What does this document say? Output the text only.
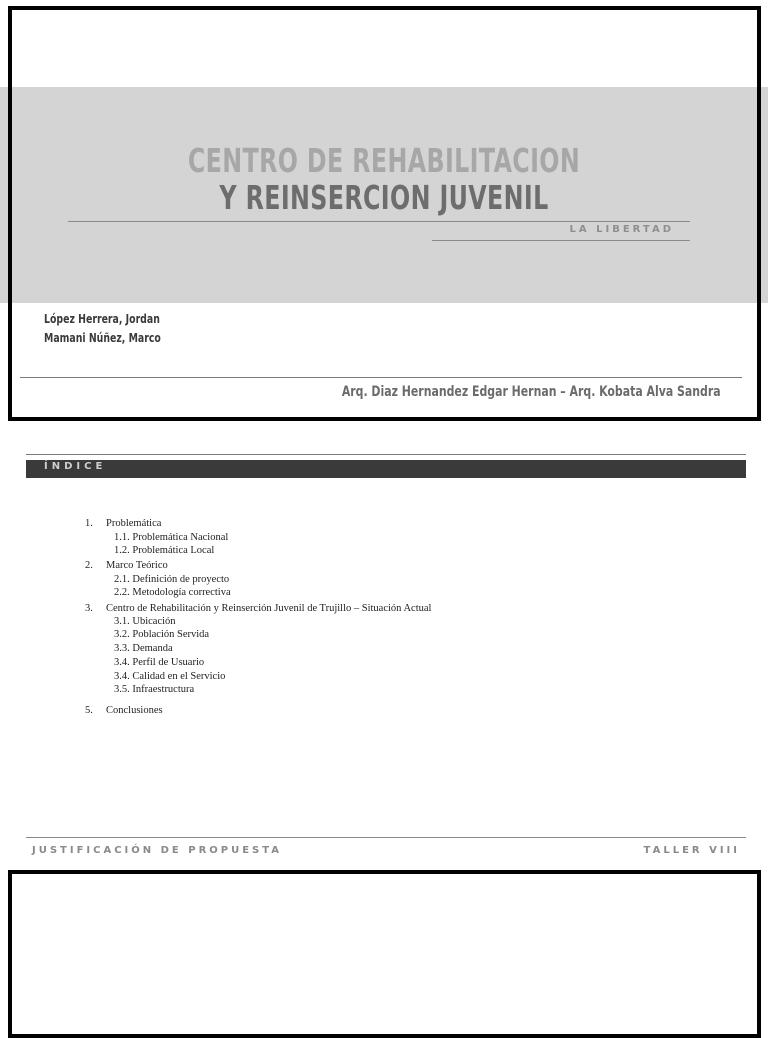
CENTRO DE REHABILITACION
Y REINSERCION JUVENIL
LA LIBERTAD
López Herrera, Jordan
Mamani Núñez, Marco
Arq. Diaz Hernandez Edgar Hernan – Arq. Kobata Alva Sandra
ÍNDICE
1. Problemática
1.1. Problemática Nacional
1.2. Problemática Local
2. Marco Teórico
2.1. Definición de proyecto
2.2. Metodología correctiva
3. Centro de Rehabilitación y Reinserción Juvenil de Trujillo – Situación Actual
3.1. Ubicación
3.2. Población Servida
3.3. Demanda
3.4. Perfil de Usuario
3.4. Calidad en el Servicio
3.5. Infraestructura
5. Conclusiones
JUSTIFICACIÓN DE PROPUESTA	TALLER VIII
